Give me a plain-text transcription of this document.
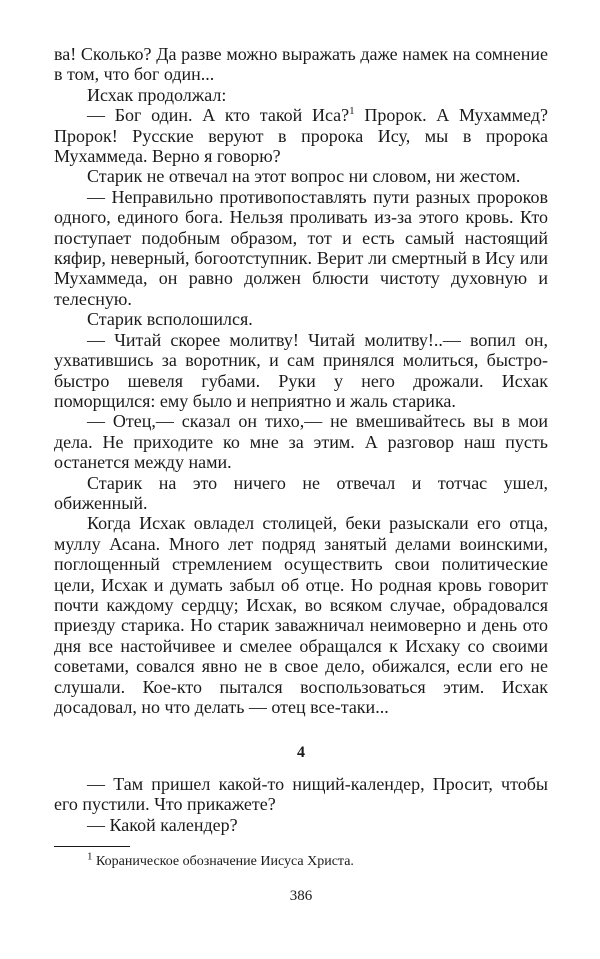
ва! Сколько? Да разве можно выражать даже намек на сомнение в том, что бог один...

Исхак продолжал:

— Бог один. А кто такой Иса?$^1$ Пророк. А Мухаммед? Пророк! Русские веруют в пророка Ису, мы в пророка Мухаммеда. Верно я говорю?

Старик не отвечал на этот вопрос ни словом, ни жестом.

— Неправильно противопоставлять пути разных пророков одного, единого бога. Нельзя проливать из-за этого кровь. Кто поступает подобным образом, тот и есть самый настоящий кяфир, неверный, богоотступник. Верит ли смертный в Ису или Мухаммеда, он равно должен блюсти чистоту духовную и телесную.

Старик всполошился.

— Читай скорее молитву! Читай молитву!..— вопил он, ухватившись за воротник, и сам принялся молиться, быстро-быстро шевеля губами. Руки у него дрожали. Исхак поморщился: ему было и неприятно и жаль старика.

— Отец,— сказал он тихо,— не вмешивайтесь вы в мои дела. Не приходите ко мне за этим. А разговор наш пусть останется между нами.

Старик на это ничего не отвечал и тотчас ушел, обиженный.

Когда Исхак овладел столицей, беки разыскали его отца, муллу Асана. Много лет подряд занятый делами воинскими, поглощенный стремлением осуществить свои политические цели, Исхак и думать забыл об отце. Но родная кровь говорит почти каждому сердцу; Исхак, во всяком случае, обрадовался приезду старика. Но старик заважничал неимоверно и день ото дня все настойчивее и смелее обращался к Исхаку со своими советами, совался явно не в свое дело, обижался, если его не слушали. Кое-кто пытался воспользоваться этим. Исхак досадовал, но что делать — отец все-таки...

4

— Там пришел какой-то нищий-календер, Просит, чтобы его пустили. Что прикажете?

— Какой календер?

$^1$ Кораническое обозначение Иисуса Христа.
386
